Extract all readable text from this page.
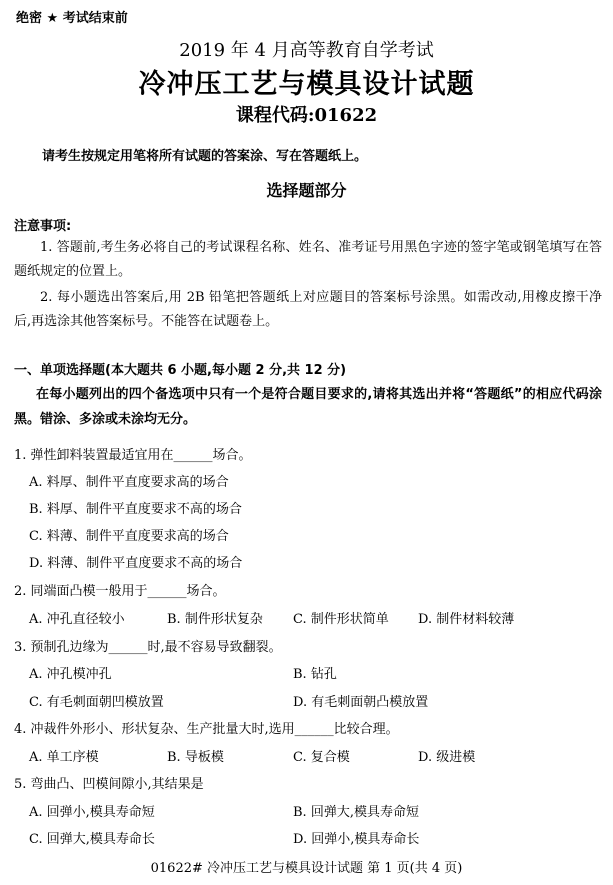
绝密 ★ 考试结束前
2019 年 4 月高等教育自学考试
冷冲压工艺与模具设计试题
课程代码:01622
请考生按规定用笔将所有试题的答案涂、写在答题纸上。
选择题部分
注意事项:
1. 答题前,考生务必将自己的考试课程名称、姓名、准考证号用黑色字迹的签字笔或钢笔填写在答题纸规定的位置上。
2. 每小题选出答案后,用 2B 铅笔把答题纸上对应题目的答案标号涂黑。如需改动,用橡皮擦干净后,再选涂其他答案标号。不能答在试题卷上。
一、单项选择题(本大题共 6 小题,每小题 2 分,共 12 分)
在每小题列出的四个备选项中只有一个是符合题目要求的,请将其选出并将“答题纸”的相应代码涂黑。错涂、多涂或未涂均无分。
1. 弹性卸料装置最适宜用在______场合。
A. 料厚、制件平直度要求高的场合
B. 料厚、制件平直度要求不高的场合
C. 料薄、制件平直度要求高的场合
D. 料薄、制件平直度要求不高的场合
2. 同端面凸模一般用于______场合。
A. 冲孔直径较小	B. 制件形状复杂 C. 制件形状简单 D. 制件材料较薄
3. 预制孔边缘为______时,最不容易导致翻裂。
A. 冲孔模冲孔	B. 钻孔
C. 有毛刺面朝凹模放置	D. 有毛刺面朝凸模放置
4. 冲裁件外形小、形状复杂、生产批量大时,选用______比较合理。
A. 单工序模	B. 导板模	C. 复合模	D. 级进模
5. 弯曲凸、凹模间隙小,其结果是
A. 回弹小,模具寿命短	B. 回弹大,模具寿命短
C. 回弹大,模具寿命长	D. 回弹小,模具寿命长
01622# 冷冲压工艺与模具设计试题 第 1 页(共 4 页)
